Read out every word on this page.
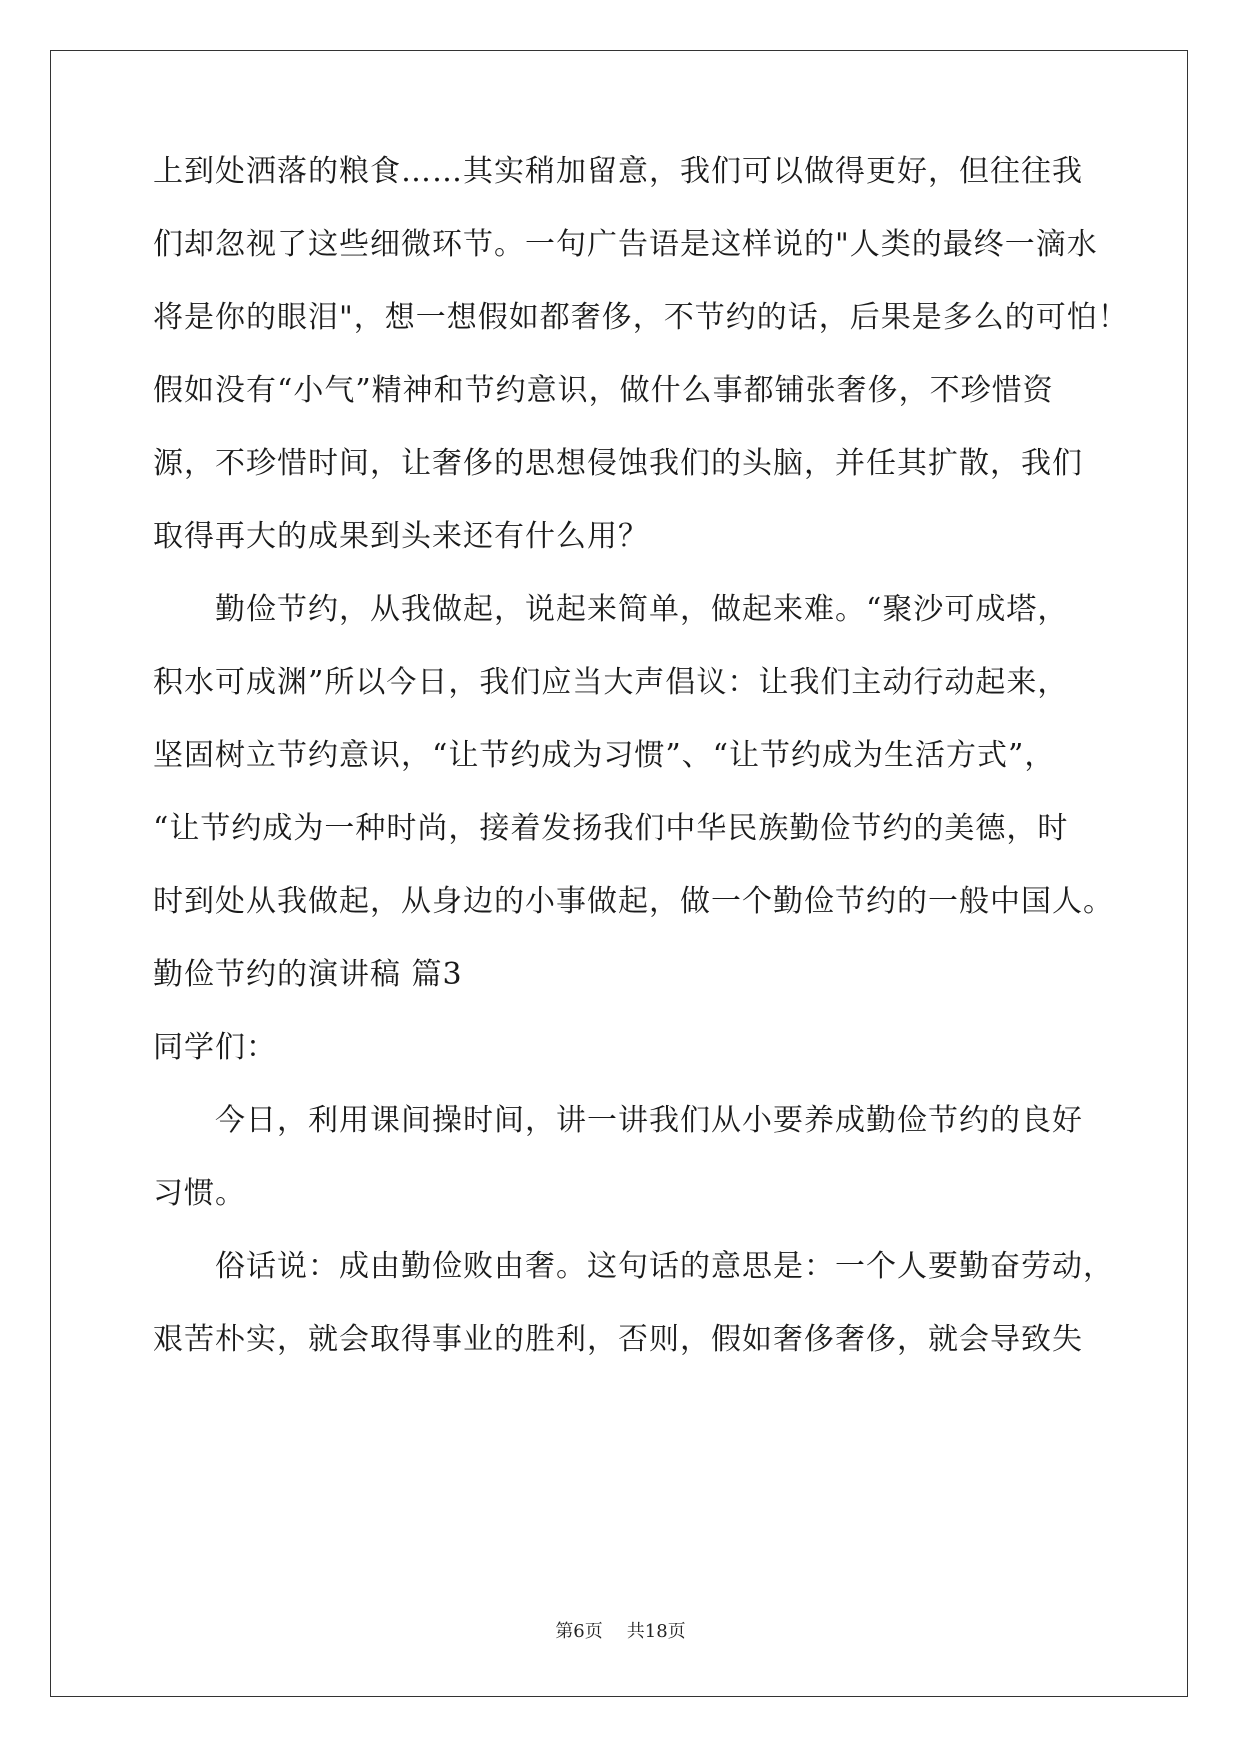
上到处洒落的粮食……其实稍加留意，我们可以做得更好，但往往我
们却忽视了这些细微环节。一句广告语是这样说的"人类的最终一滴水
将是你的眼泪"，想一想假如都奢侈，不节约的话，后果是多么的可怕！
假如没有“小气”精神和节约意识，做什么事都铺张奢侈，不珍惜资
源，不珍惜时间，让奢侈的思想侵蚀我们的头脑，并任其扩散，我们
取得再大的成果到头来还有什么用？
勤俭节约，从我做起，说起来简单，做起来难。“聚沙可成塔，
积水可成渊”所以今日，我们应当大声倡议：让我们主动行动起来，
坚固树立节约意识，“让节约成为习惯”、“让节约成为生活方式”，
“让节约成为一种时尚，接着发扬我们中华民族勤俭节约的美德，时
时到处从我做起，从身边的小事做起，做一个勤俭节约的一般中国人。
勤俭节约的演讲稿 篇3
同学们：
今日，利用课间操时间，讲一讲我们从小要养成勤俭节约的良好
习惯。
俗话说：成由勤俭败由奢。这句话的意思是：一个人要勤奋劳动，
艰苦朴实，就会取得事业的胜利，否则，假如奢侈奢侈，就会导致失
第6页 共18页
